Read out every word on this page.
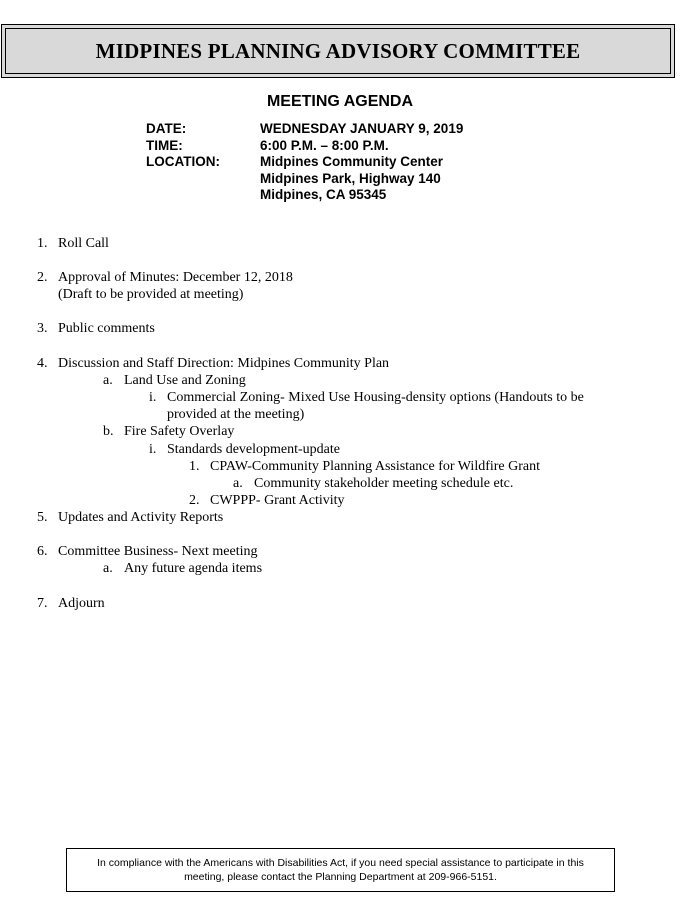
MIDPINES PLANNING ADVISORY COMMITTEE
MEETING AGENDA
DATE:	WEDNESDAY JANUARY 9, 2019
TIME:	6:00 P.M. – 8:00 P.M.
LOCATION:	Midpines Community Center
Midpines Park, Highway 140
Midpines, CA 95345
1. Roll Call
2. Approval of Minutes: December 12, 2018
(Draft to be provided at meeting)
3. Public comments
4. Discussion and Staff Direction: Midpines Community Plan
a. Land Use and Zoning
i. Commercial Zoning- Mixed Use Housing-density options (Handouts to be
provided at the meeting)
b. Fire Safety Overlay
i. Standards development-update
1. CPAW-Community Planning Assistance for Wildfire Grant
a. Community stakeholder meeting schedule etc.
2. CWPPP- Grant Activity
5. Updates and Activity Reports
6. Committee Business- Next meeting
a. Any future agenda items
7. Adjourn
In compliance with the Americans with Disabilities Act, if you need special assistance to participate in this meeting, please contact the Planning Department at 209-966-5151.
